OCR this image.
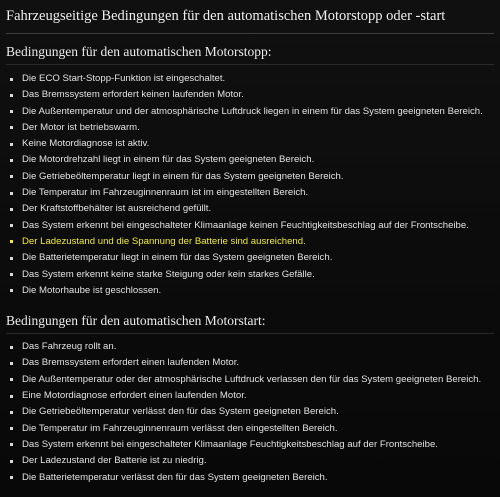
Fahrzeugseitige Bedingungen für den automatischen Motorstopp oder -start
Bedingungen für den automatischen Motorstopp:
Die ECO Start-Stopp-Funktion ist eingeschaltet.
Das Bremssystem erfordert keinen laufenden Motor.
Die Außentemperatur und der atmosphärische Luftdruck liegen in einem für das System geeigneten Bereich.
Der Motor ist betriebswarm.
Keine Motordiagnose ist aktiv.
Die Motordrehzahl liegt in einem für das System geeigneten Bereich.
Die Getriebeöltemperatur liegt in einem für das System geeigneten Bereich.
Die Temperatur im Fahrzeuginnenraum ist im eingestellten Bereich.
Der Kraftstoffbehälter ist ausreichend gefüllt.
Das System erkennt bei eingeschalteter Klimaanlage keinen Feuchtigkeitsbeschlag auf der Frontscheibe.
Der Ladezustand und die Spannung der Batterie sind ausreichend.
Die Batterietemperatur liegt in einem für das System geeigneten Bereich.
Das System erkennt keine starke Steigung oder kein starkes Gefälle.
Die Motorhaube ist geschlossen.
Bedingungen für den automatischen Motorstart:
Das Fahrzeug rollt an.
Das Bremssystem erfordert einen laufenden Motor.
Die Außentemperatur oder der atmosphärische Luftdruck verlassen den für das System geeigneten Bereich.
Eine Motordiagnose erfordert einen laufenden Motor.
Die Getriebeöltemperatur verlässt den für das System geeigneten Bereich.
Die Temperatur im Fahrzeuginnenraum verlässt den eingestellten Bereich.
Das System erkennt bei eingeschalteter Klimaanlage Feuchtigkeitsbeschlag auf der Frontscheibe.
Der Ladezustand der Batterie ist zu niedrig.
Die Batterietemperatur verlässt den für das System geeigneten Bereich.
